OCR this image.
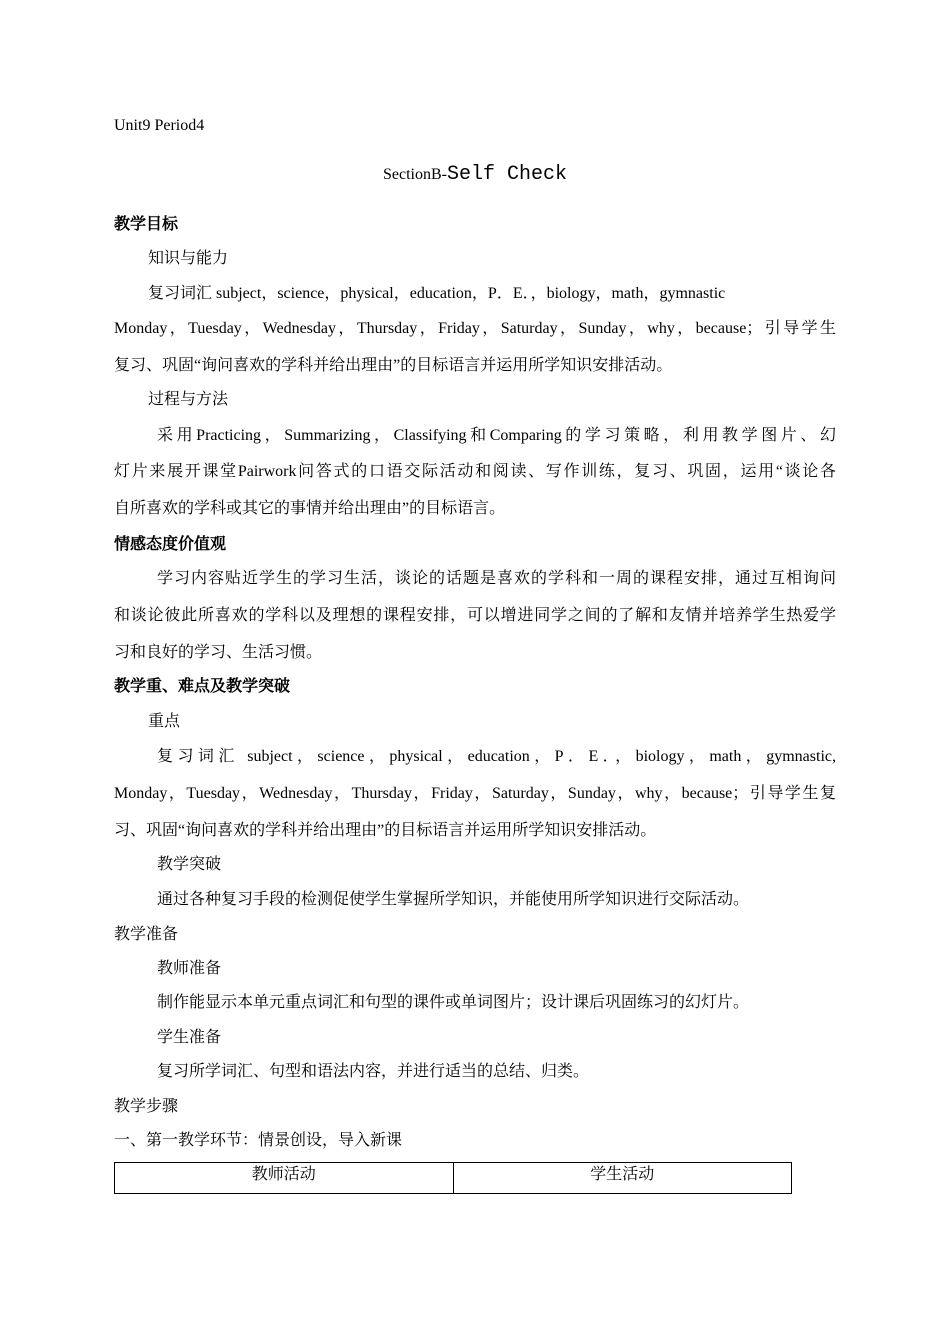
Unit9 Period4
SectionB-Self Check
教学目标
知识与能力
复习词汇 subject，science，physical，education，P．E．，biology，math，gymnastic
Monday，Tuesday，Wednesday，Thursday，Friday，Saturday，Sunday，why，because；引导学生
复习、巩固“询问喜欢的学科并给出理由”的目标语言并运用所学知识安排活动。
过程与方法
采用Practicing，Summarizing，Classifying和Comparing的学习策略，利用教学图片、幻
灯片来展开课堂Pairwork问答式的口语交际活动和阅读、写作训练，复习、巩固，运用“谈论各
自所喜欢的学科或其它的事情并给出理由”的目标语言。
情感态度价值观
学习内容贴近学生的学习生活，谈论的话题是喜欢的学科和一周的课程安排，通过互相询问
和谈论彼此所喜欢的学科以及理想的课程安排，可以增进同学之间的了解和友情并培养学生热爱学
习和良好的学习、生活习惯。
教学重、难点及教学突破
重点
复习词汇 subject，science，physical，education，P．E．，biology，math，gymnastic,
Monday，Tuesday，Wednesday，Thursday，Friday，Saturday，Sunday，why，because；引导学生复
习、巩固“询问喜欢的学科并给出理由”的目标语言并运用所学知识安排活动。
教学突破
通过各种复习手段的检测促使学生掌握所学知识，并能使用所学知识进行交际活动。
教学准备
教师准备
制作能显示本单元重点词汇和句型的课件或单词图片；设计课后巩固练习的幻灯片。
学生准备
复习所学词汇、句型和语法内容，并进行适当的总结、归类。
教学步骤
一、第一教学环节：情景创设，导入新课
教师活动	学生活动
